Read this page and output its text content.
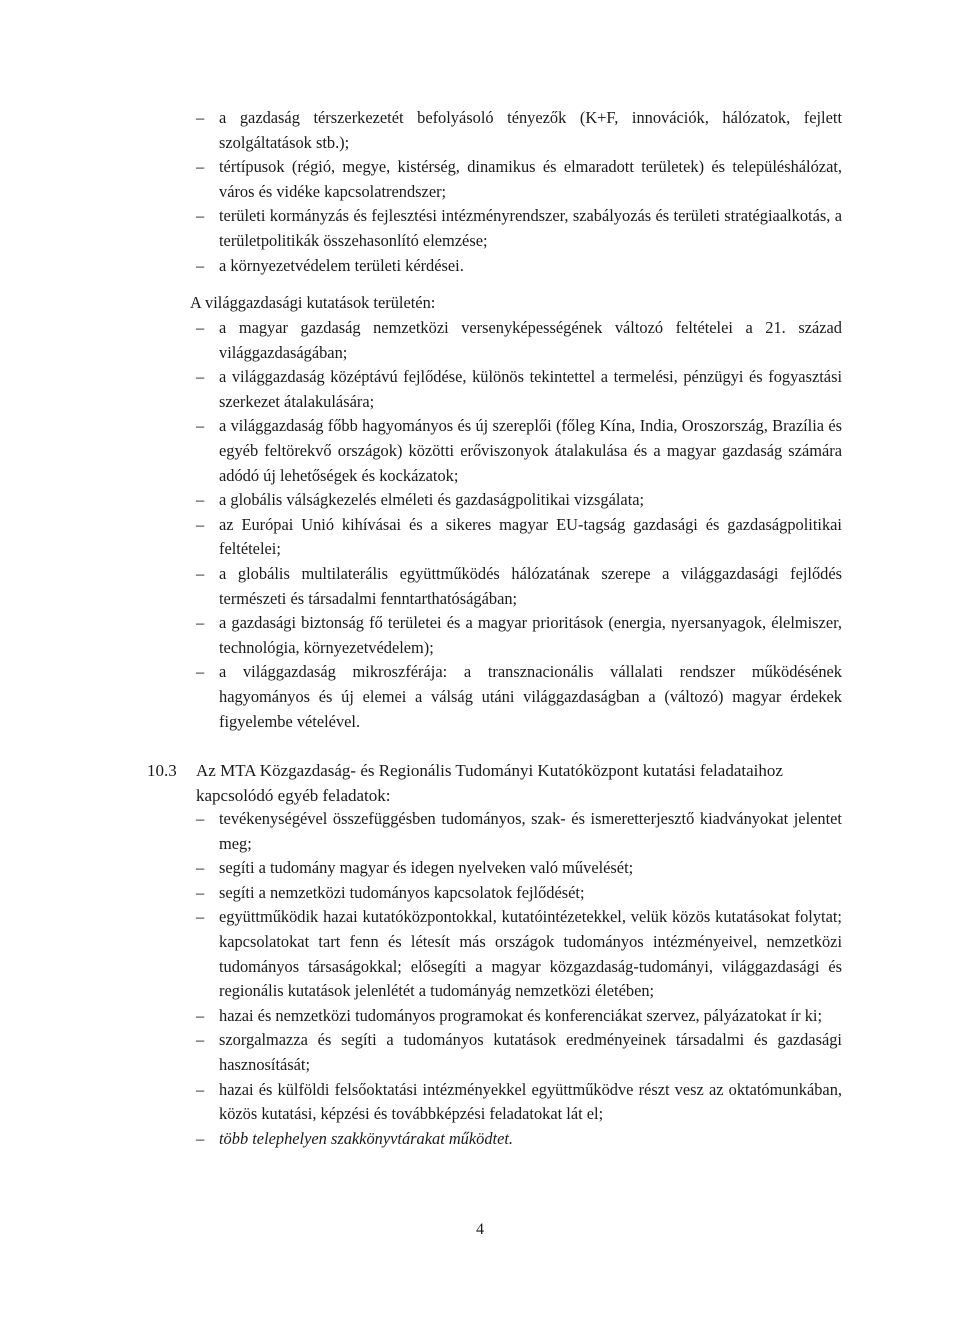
– a gazdaság térszerkezetét befolyásoló tényezők (K+F, innovációk, hálózatok, fejlett szolgáltatások stb.);
– tértípusok (régió, megye, kistérség, dinamikus és elmaradott területek) és településhálózat, város és vidéke kapcsolatrendszer;
– területi kormányzás és fejlesztési intézményrendszer, szabályozás és területi stratégiaalkotás, a területpolitikák összehasonlító elemzése;
– a környezetvédelem területi kérdései.

A világgazdasági kutatások területén:

– a magyar gazdaság nemzetközi versenyképességének változó feltételei a 21. század világgazdaságában;
– a világgazdaság középtávú fejlődése, különös tekintettel a termelési, pénzügyi és fogyasztási szerkezet átalakulására;
– a világgazdaság főbb hagyományos és új szereplői (főleg Kína, India, Oroszország, Brazília és egyéb feltörekvő országok) közötti erőviszonyok átalakulása és a magyar gazdaság számára adódó új lehetőségek és kockázatok;
– a globális válságkezelés elméleti és gazdaságpolitikai vizsgálata;
– az Európai Unió kihívásai és a sikeres magyar EU-tagság gazdasági és gazdaságpolitikai feltételei;
– a globális multilaterális együttműködés hálózatának szerepe a világgazdasági fejlődés természeti és társadalmi fenntarthatóságában;
– a gazdasági biztonság fő területei és a magyar prioritások (energia, nyersanyagok, élelmiszer, technológia, környezetvédelem);
– a világgazdaság mikroszférája: a transznacionális vállalati rendszer működésének hagyományos és új elemei a válság utáni világgazdaságban a (változó) magyar érdekek figyelembe vételével.
10.3 Az MTA Közgazdaság- és Regionális Tudományi Kutatóközpont kutatási feladataihoz kapcsolódó egyéb feladatok:

– tevékenységével összefüggésben tudományos, szak- és ismeretterjesztő kiadványokat jelentet meg;
– segíti a tudomány magyar és idegen nyelveken való művelését;
– segíti a nemzetközi tudományos kapcsolatok fejlődését;
– együttműködik hazai kutatóközpontokkal, kutatóintézetekkel, velük közös kutatásokat folytat; kapcsolatokat tart fenn és létesít más országok tudományos intézményeivel, nemzetközi tudományos társaságokkal; elősegíti a magyar közgazdaság-tudományi, világgazdasági és regionális kutatások jelenlétét a tudományág nemzetközi életében;
– hazai és nemzetközi tudományos programokat és konferenciákat szervez, pályázatokat ír ki;
– szorgalmazza és segíti a tudományos kutatások eredményeinek társadalmi és gazdasági hasznosítását;
– hazai és külföldi felsőoktatási intézményekkel együttműködve részt vesz az oktatómunkában, közös kutatási, képzési és továbbképzési feladatokat lát el;
– több telephelyen szakkönyvtárakat működtet.
4
